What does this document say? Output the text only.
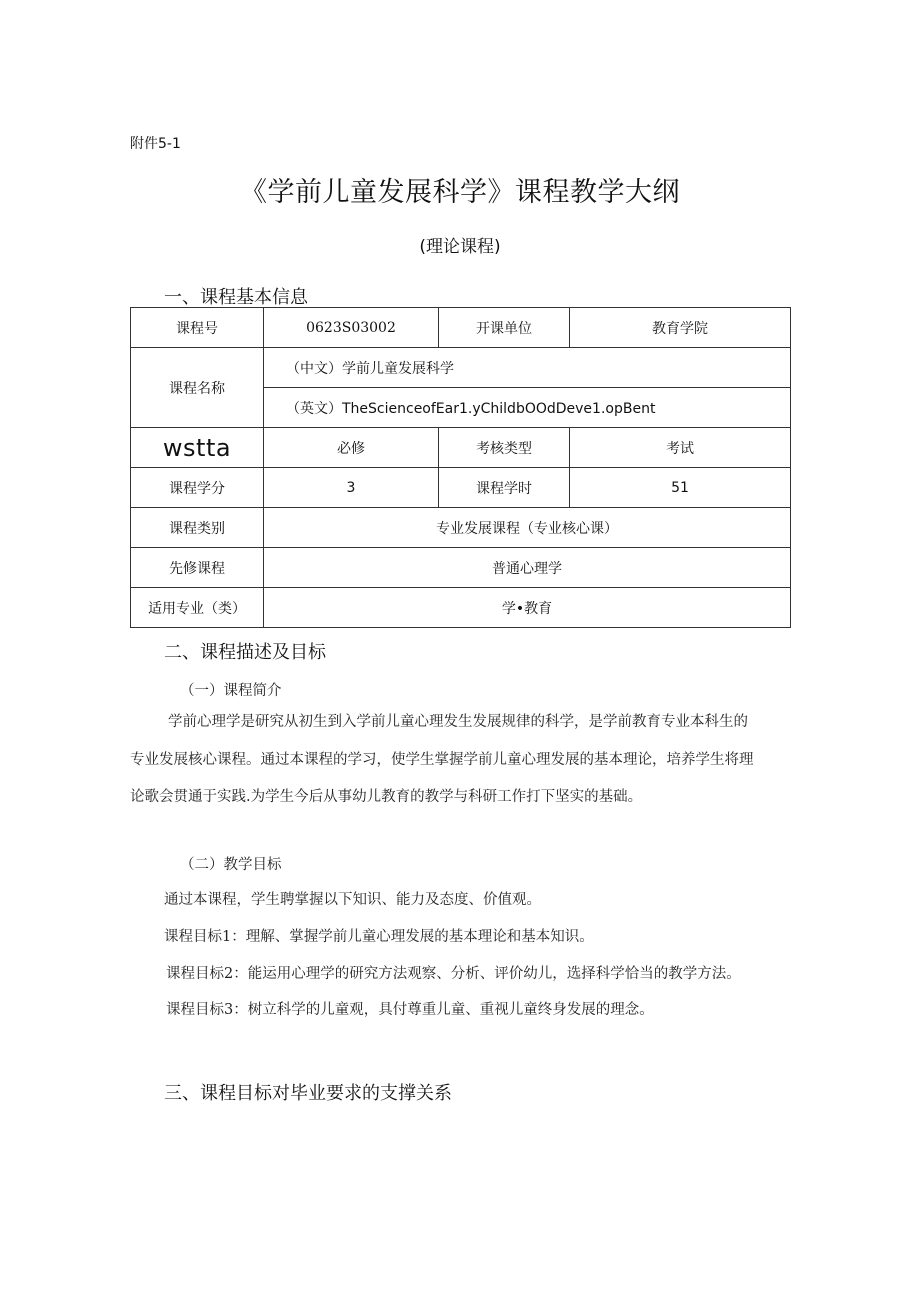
附件5-1
《学前儿童发展科学》课程教学大纲
(理论课程)
一、课程基本信息
课程号	0623S03002	开课单位	教育学院
课程名称	（中文）学前儿童发展科学		
	（英文）TheScienceofEar1.yChildbOOdDeve1.opBent		
wstta	必修	考核类型	考试
课程学分	3	课程学时	51
课程类别	专业发展课程（专业核心课）		
先修课程	普通心理学		
适用专业（类）	学•教育		
二、课程描述及目标
（一）课程简介
学前心理学是研究从初生到入学前儿童心理发生发展规律的科学，是学前教育专业本科生的
专业发展核心课程。通过本课程的学习，使学生掌握学前儿童心理发展的基本理论，培养学生将理
论歌会贯通于实践.为学生今后从事幼儿教育的教学与科研工作打下坚实的基础。
（二）教学目标
通过本课程，学生聘掌握以下知识、能力及态度、价值观。
课程目标1：理解、掌握学前儿童心理发展的基本理论和基本知识。
课程目标2：能运用心理学的研究方法观察、分析、评价幼儿，选择科学恰当的教学方法。
课程目标3：树立科学的儿童观，具付尊重儿童、重视儿童终身发展的理念。
三、课程目标对毕业要求的支撑关系
